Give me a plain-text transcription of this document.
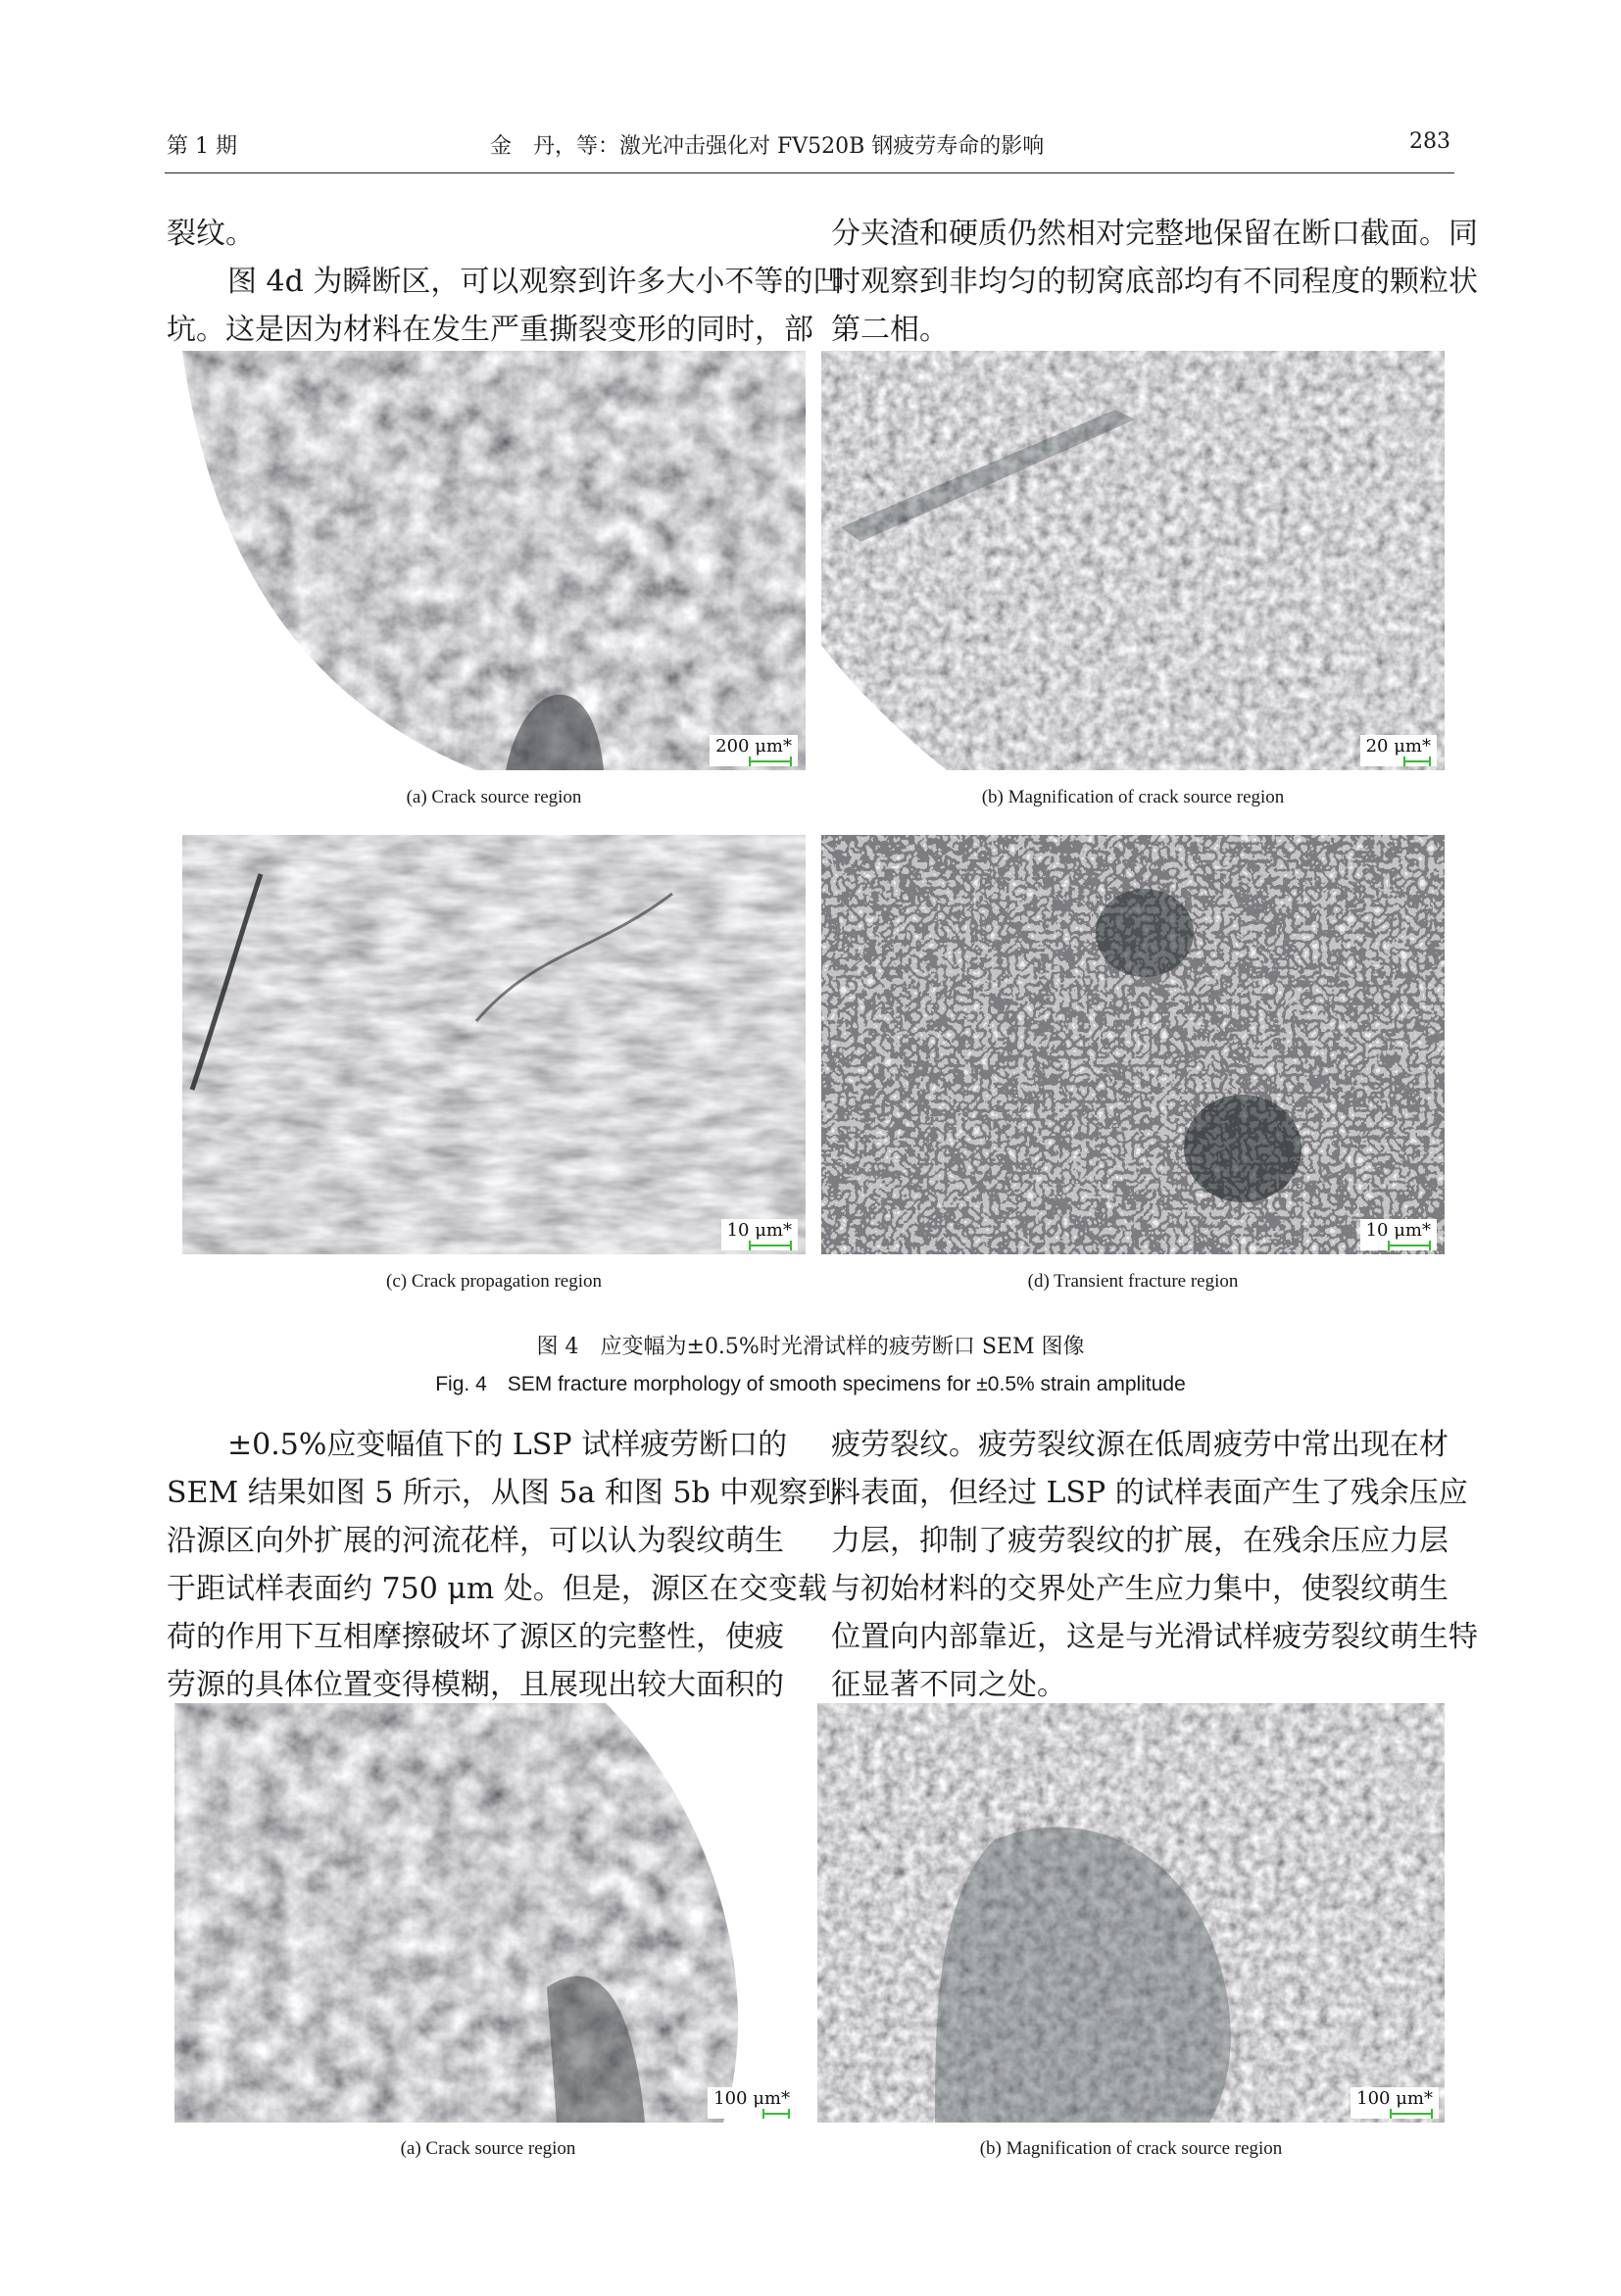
第 1 期	金　丹，等：激光冲击强化对 FV520B 钢疲劳寿命的影响	283
裂纹。
图 4d 为瞬断区，可以观察到许多大小不等的凹
坑。这是因为材料在发生严重撕裂变形的同时，部
分夹渣和硬质仍然相对完整地保留在断口截面。同
时观察到非均匀的韧窝底部均有不同程度的颗粒状
第二相。
200 μm*
(a) Crack source region
20 μm*
(b) Magnification of crack source region
10 μm*
(c) Crack propagation region
10 μm*
(d) Transient fracture region
图 4　应变幅为±0.5%时光滑试样的疲劳断口 SEM 图像
Fig. 4　SEM fracture morphology of smooth specimens for ±0.5% strain amplitude
±0.5%应变幅值下的 LSP 试样疲劳断口的
SEM 结果如图 5 所示，从图 5a 和图 5b 中观察到
沿源区向外扩展的河流花样，可以认为裂纹萌生
于距试样表面约 750 μm 处。但是，源区在交变载
荷的作用下互相摩擦破坏了源区的完整性，使疲
劳源的具体位置变得模糊，且展现出较大面积的
疲劳裂纹。疲劳裂纹源在低周疲劳中常出现在材
料表面，但经过 LSP 的试样表面产生了残余压应
力层，抑制了疲劳裂纹的扩展，在残余压应力层
与初始材料的交界处产生应力集中，使裂纹萌生
位置向内部靠近，这是与光滑试样疲劳裂纹萌生特
征显著不同之处。
100 μm*
(a) Crack source region
100 μm*
(b) Magnification of crack source region
